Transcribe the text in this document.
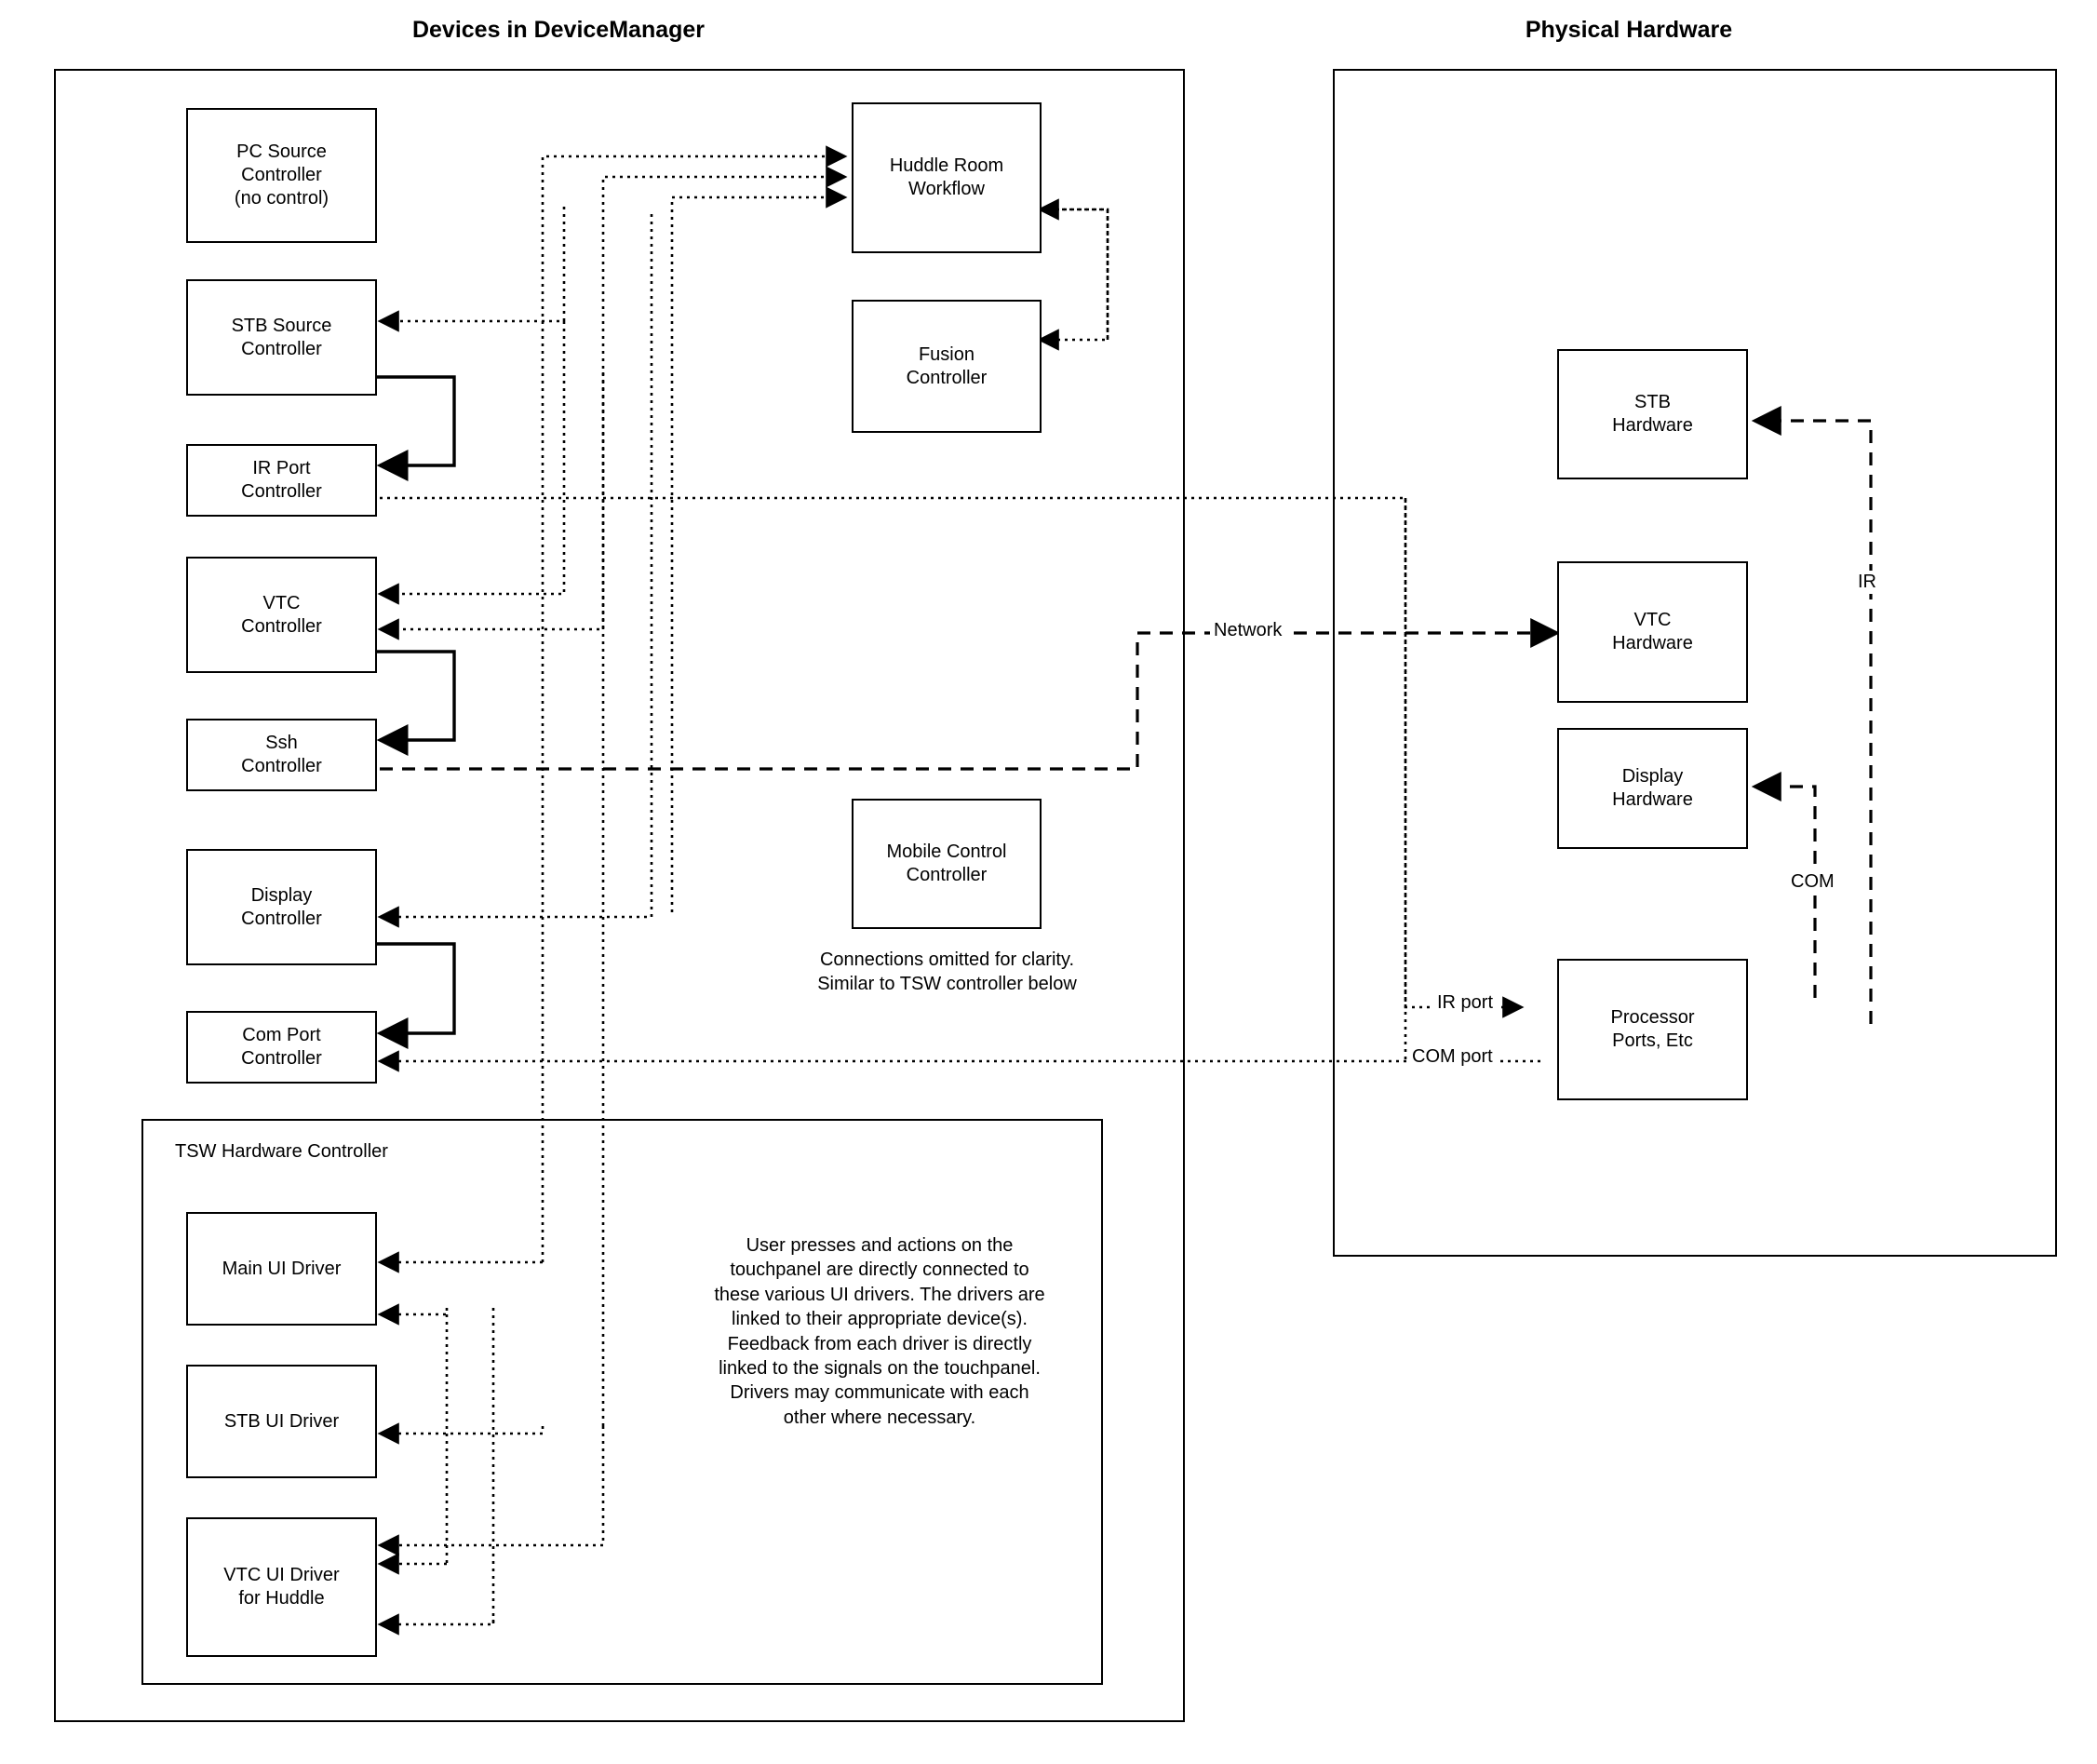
Devices in DeviceManager	Physical Hardware
PC Source
Controller
(no control)
STB Source
Controller
IR Port
Controller
VTC
Controller
Ssh
Controller
Display
Controller
Com Port
Controller
Huddle Room
Workflow
Fusion
Controller
Mobile Control
Controller
Connections omitted for clarity. Similar to TSW controller below
TSW Hardware Controller
Main UI Driver
STB UI Driver
VTC UI Driver
for Huddle
User presses and actions on the touchpanel are directly connected to these various UI drivers. The drivers are linked to their appropriate device(s). Feedback from each driver is directly linked to the signals on the touchpanel. Drivers may communicate with each other where necessary.
STB
Hardware
VTC
Hardware
Display
Hardware
Processor
Ports, Etc
Network
IR
COM
IR port
COM port
